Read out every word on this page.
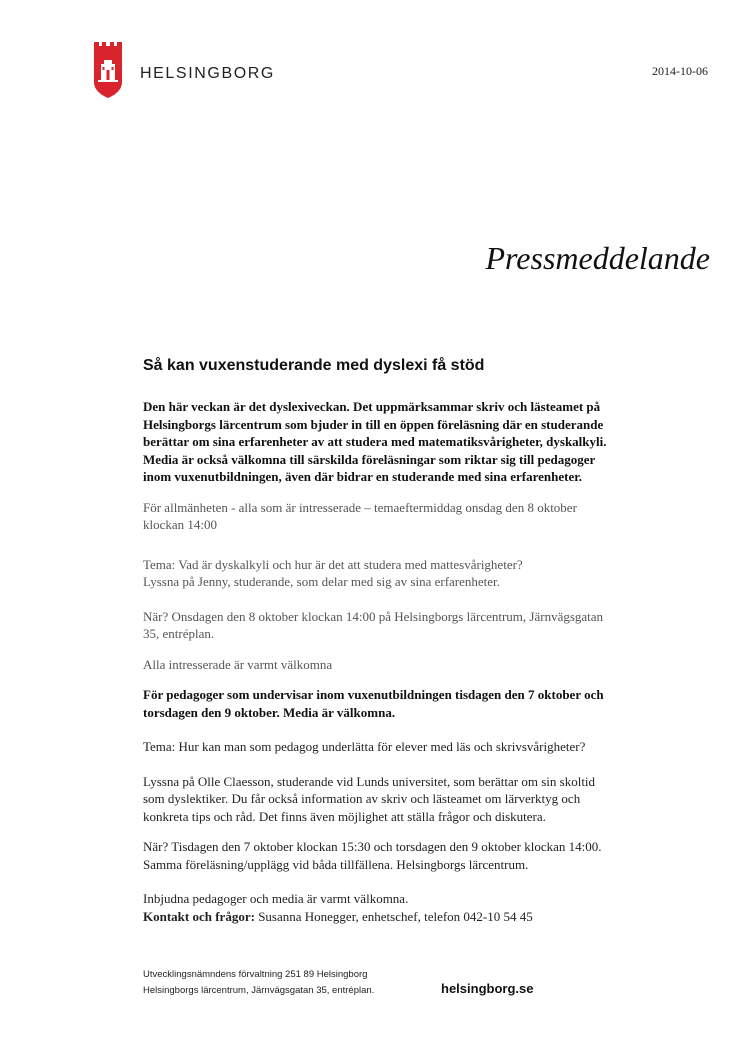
HELSINGBORG	2014-10-06
Pressmeddelande
Så kan vuxenstuderande med dyslexi få stöd

Den här veckan är det dyslexiveckan. Det uppmärksammar skriv och lästeamet på Helsingborgs lärcentrum som bjuder in till en öppen föreläsning där en studerande berättar om sina erfarenheter av att studera med matematiksvårigheter, dyskalkyli. Media är också välkomna till särskilda föreläsningar som riktar sig till pedagoger inom vuxenutbildningen, även där bidrar en studerande med sina erfarenheter.

För allmänheten - alla som är intresserade – temaeftermiddag onsdag den 8 oktober klockan 14:00

Tema: Vad är dyskalkyli och hur är det att studera med mattesvårigheter?

Lyssna på Jenny, studerande, som delar med sig av sina erfarenheter.

När? Onsdagen den 8 oktober klockan 14:00 på Helsingborgs lärcentrum, Järnvägsgatan 35, entréplan.

Alla intresserade är varmt välkomna

För pedagoger som undervisar inom vuxenutbildningen tisdagen den 7 oktober och torsdagen den 9 oktober. Media är välkomna.

Tema: Hur kan man som pedagog underlätta för elever med läs och skrivsvårigheter?

Lyssna på Olle Claesson, studerande vid Lunds universitet, som berättar om sin skoltid som dyslektiker. Du får också information av skriv och lästeamet om lärverktyg och konkreta tips och råd. Det finns även möjlighet att ställa frågor och diskutera.

När? Tisdagen den 7 oktober klockan 15:30 och torsdagen den 9 oktober klockan 14:00. Samma föreläsning/upplägg vid båda tillfällena. Helsingborgs lärcentrum.

Inbjudna pedagoger och media är varmt välkomna.

Kontakt och frågor: Susanna Honegger, enhetschef, telefon 042-10 54 45

Utvecklingsnämndens förvaltning 251 89 Helsingborg
Helsingborgs lärcentrum, Järnvägsgatan 35, entréplan.	helsingborg.se
